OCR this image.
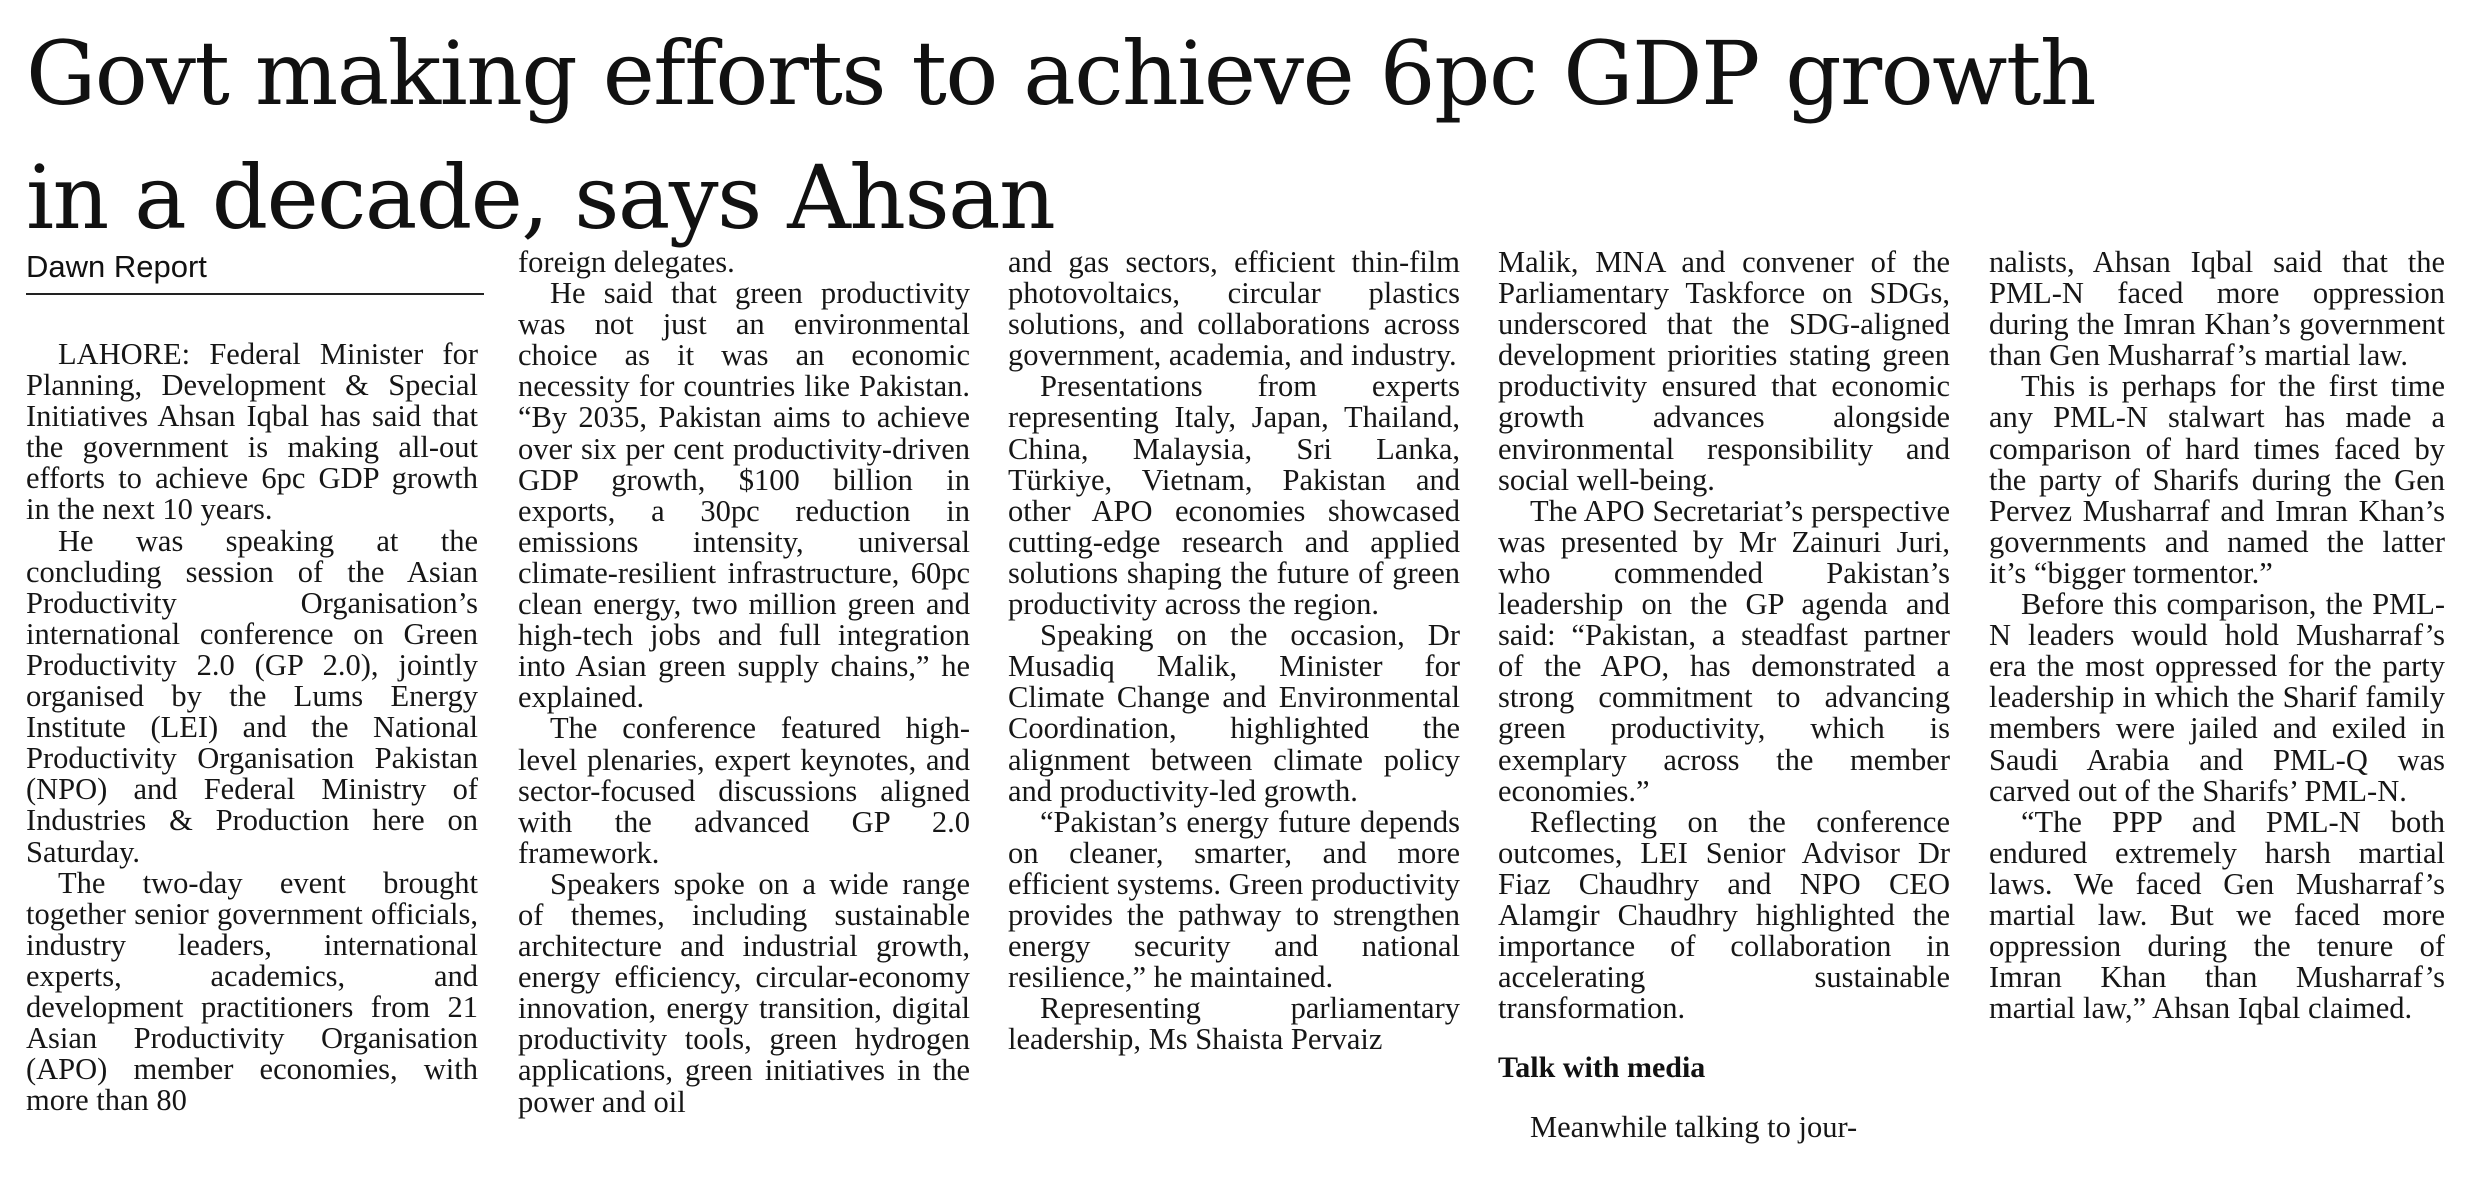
Govt making efforts to achieve 6pc GDP growth
in a decade, says Ahsan
Dawn Report

LAHORE: Federal Minister for Planning, Development & Special Initiatives Ahsan Iqbal has said that the government is making all-out efforts to achieve 6pc GDP growth in the next 10 years.

He was speaking at the concluding session of the Asian Productivity Organisation’s international conference on Green Productivity 2.0 (GP 2.0), jointly organised by the Lums Energy Institute (LEI) and the National Productivity Organisation Pakistan (NPO) and Federal Ministry of Industries & Production here on Saturday.

The two-day event brought together senior government officials, industry leaders, international experts, academics, and development practitioners from 21 Asian Productivity Organisation (APO) member economies, with more than 80

foreign delegates.

He said that green productivity was not just an environmental choice as it was an economic necessity for countries like Pakistan. “By 2035, Pakistan aims to achieve over six per cent productivity-driven GDP growth, $100 billion in exports, a 30pc reduction in emissions intensity, universal climate-resilient infrastructure, 60pc clean energy, two million green and high-tech jobs and full integration into Asian green supply chains,” he explained.

The conference featured high-level plenaries, expert keynotes, and sector-focused discussions aligned with the advanced GP 2.0 framework.

Speakers spoke on a wide range of themes, including sustainable architecture and industrial growth, energy efficiency, circular-economy innovation, energy transition, digital productivity tools, green hydrogen applications, green initiatives in the power and oil

and gas sectors, efficient thin-film photovoltaics, circular plastics solutions, and collaborations across government, academia, and industry.

Presentations from experts representing Italy, Japan, Thailand, China, Malaysia, Sri Lanka, Türkiye, Vietnam, Pakistan and other APO economies showcased cutting-edge research and applied solutions shaping the future of green productivity across the region.

Speaking on the occasion, Dr Musadiq Malik, Minister for Climate Change and Environmental Coordination, highlighted the alignment between climate policy and productivity-led growth.

“Pakistan’s energy future depends on cleaner, smarter, and more efficient systems. Green productivity provides the pathway to strengthen energy security and national resilience,” he maintained.

Representing parliamentary leadership, Ms Shaista Pervaiz

Malik, MNA and convener of the Parliamentary Taskforce on SDGs, underscored that the SDG-aligned development priorities stating green productivity ensured that economic growth advances alongside environmental responsibility and social well-being.

The APO Secretariat’s perspective was presented by Mr Zainuri Juri, who commended Pakistan’s leadership on the GP agenda and said: “Pakistan, a steadfast partner of the APO, has demonstrated a strong commitment to advancing green productivity, which is exemplary across the member economies.”

Reflecting on the conference outcomes, LEI Senior Advisor Dr Fiaz Chaudhry and NPO CEO Alamgir Chaudhry highlighted the importance of collaboration in accelerating sustainable transformation.

Talk with media

Meanwhile talking to jour-

nalists, Ahsan Iqbal said that the PML-N faced more oppression during the Imran Khan’s government than Gen Musharraf’s martial law.

This is perhaps for the first time any PML-N stalwart has made a comparison of hard times faced by the party of Sharifs during the Gen Pervez Musharraf and Imran Khan’s governments and named the latter it’s “bigger tormentor.”

Before this comparison, the PML-N leaders would hold Musharraf’s era the most oppressed for the party leadership in which the Sharif family members were jailed and exiled in Saudi Arabia and PML-Q was carved out of the Sharifs’ PML-N.

“The PPP and PML-N both endured extremely harsh martial laws. We faced Gen Musharraf’s martial law. But we faced more oppression during the tenure of Imran Khan than Musharraf’s martial law,” Ahsan Iqbal claimed.
